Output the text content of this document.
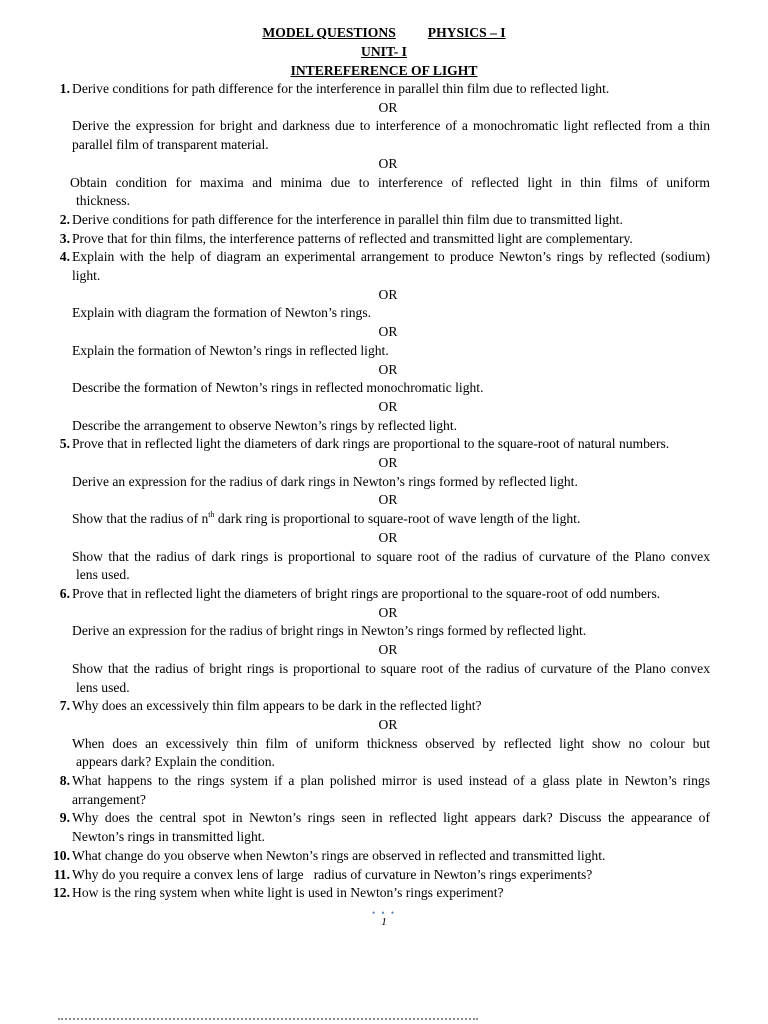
MODEL QUESTIONS PHYSICS – I
UNIT- I
INTEREFERENCE OF LIGHT
1. Derive conditions for path difference for the interference in parallel thin film due to reflected light.
OR
Derive the expression for bright and darkness due to interference of a monochromatic light reflected from a thin parallel film of transparent material.
OR
Obtain condition for maxima and minima due to interference of reflected light in thin films of uniform
thickness.
2. Derive conditions for path difference for the interference in parallel thin film due to transmitted light.
3. Prove that for thin films, the interference patterns of reflected and transmitted light are complementary.
4. Explain with the help of diagram an experimental arrangement to produce Newton’s rings by reflected (sodium)
light.
OR
Explain with diagram the formation of Newton’s rings.
OR
Explain the formation of Newton’s rings in reflected light.
OR
Describe the formation of Newton’s rings in reflected monochromatic light.
OR
Describe the arrangement to observe Newton’s rings by reflected light.
5. Prove that in reflected light the diameters of dark rings are proportional to the square-root of natural numbers.
OR
Derive an expression for the radius of dark rings in Newton’s rings formed by reflected light.
OR
Show that the radius of $n^{th}$ dark ring is proportional to square-root of wave length of the light.
OR
Show that the radius of dark rings is proportional to square root of the radius of curvature of the Plano convex
lens used.
6. Prove that in reflected light the diameters of bright rings are proportional to the square-root of odd numbers.
OR
Derive an expression for the radius of bright rings in Newton’s rings formed by reflected light.
OR
Show that the radius of bright rings is proportional to square root of the radius of curvature of the Plano convex
lens used.
7. Why does an excessively thin film appears to be dark in the reflected light?
OR
When does an excessively thin film of uniform thickness observed by reflected light show no colour but
appears dark? Explain the condition.
8. What happens to the rings system if a plan polished mirror is used instead of a glass plate in Newton’s rings
arrangement?
9. Why does the central spot in Newton’s rings seen in reflected light appears dark? Discuss the appearance of
Newton’s rings in transmitted light.
10. What change do you observe when Newton’s rings are observed in reflected and transmitted light.
11. Why do you require a convex lens of large   radius of curvature in Newton’s rings experiments?
12. How is the ring system when white light is used in Newton’s rings experiment?
• • •
1
